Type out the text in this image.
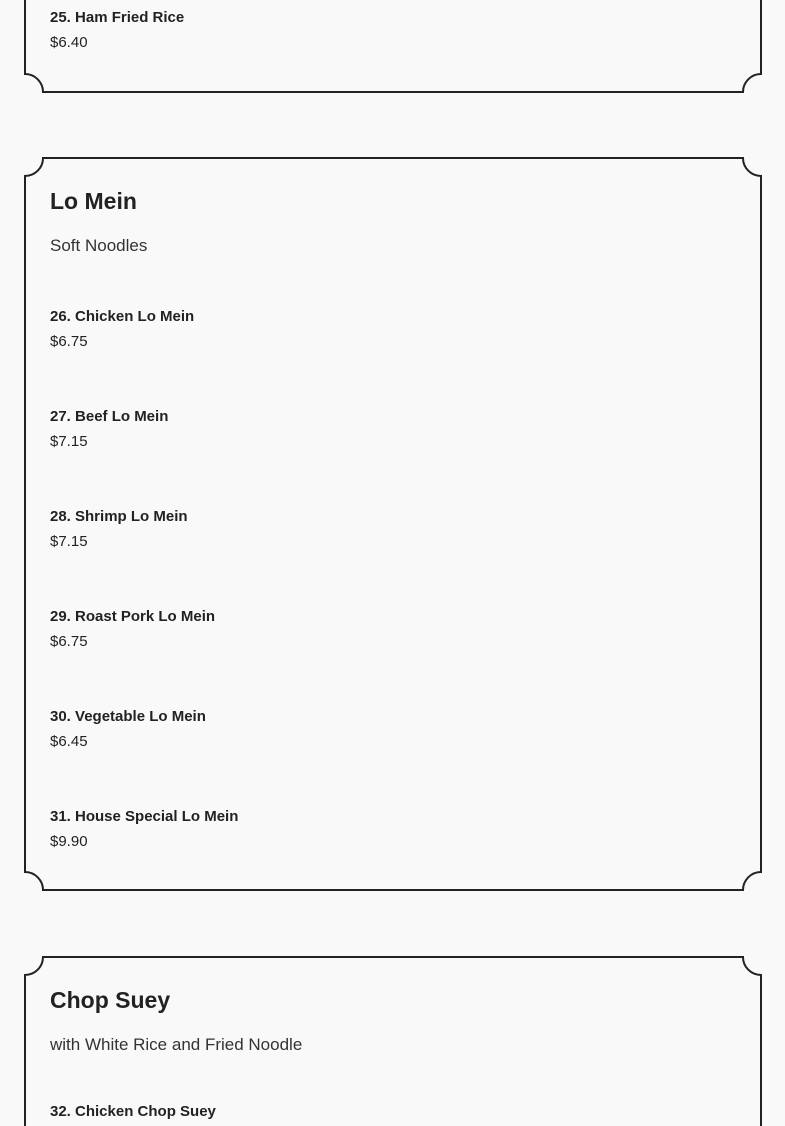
25. Ham Fried Rice
$6.40
Lo Mein

Soft Noodles

26. Chicken Lo Mein
$6.75
27. Beef Lo Mein
$7.15
28. Shrimp Lo Mein
$7.15
29. Roast Pork Lo Mein
$6.75
30. Vegetable Lo Mein
$6.45
31. House Special Lo Mein
$9.90
Chop Suey

with White Rice and Fried Noodle

32. Chicken Chop Suey
